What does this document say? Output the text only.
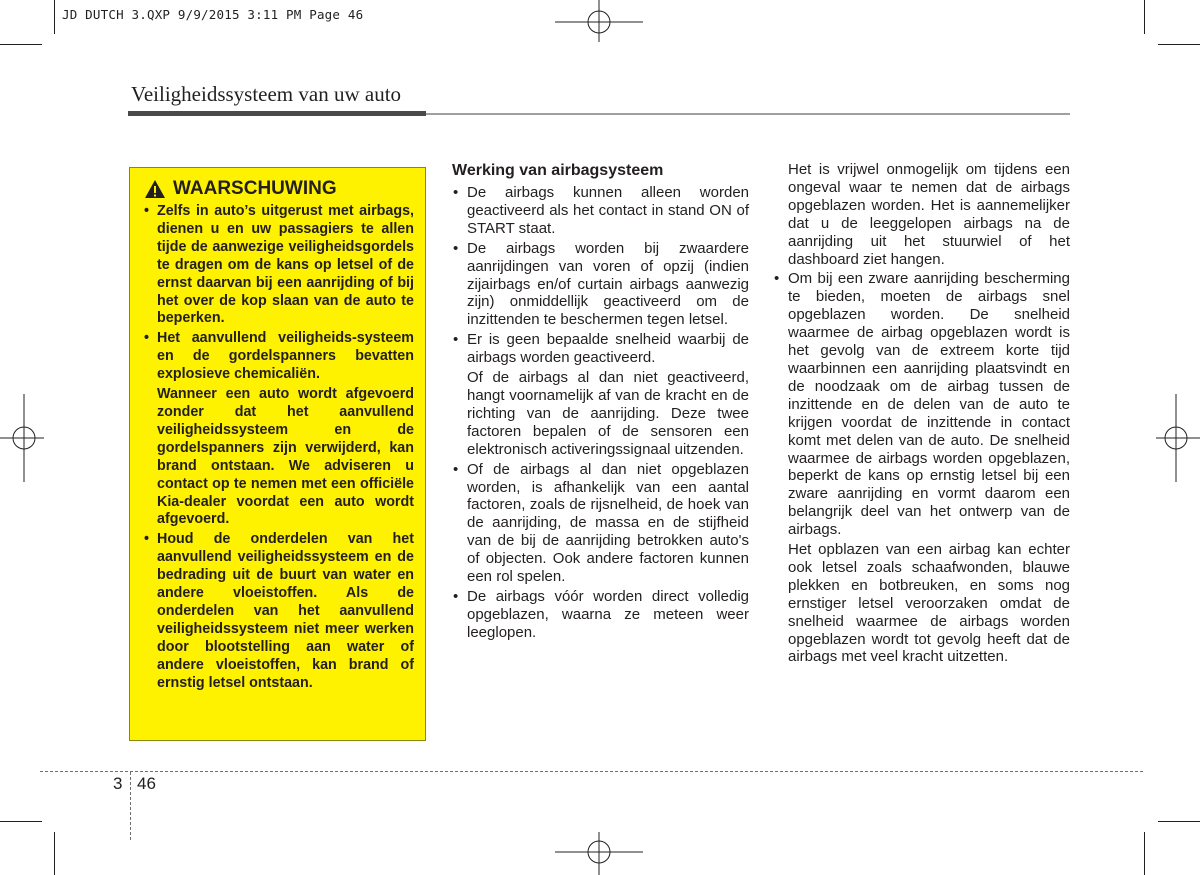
JD DUTCH 3.QXP 9/9/2015 3:11 PM Page 46
Veiligheidssysteem van uw auto
WAARSCHUWING
• Zelfs in auto’s uitgerust met airbags, dienen u en uw passagiers te allen tijde de aanwezige veiligheidsgordels te dragen om de kans op letsel of de ernst daarvan bij een aanrijding of bij het over de kop slaan van de auto te beperken.
• Het aanvullend veiligheids-systeem en de gordelspanners bevatten explosieve chemicaliën.

Wanneer een auto wordt afgevoerd zonder dat het aanvullend veiligheidssysteem en de gordelspanners zijn verwijderd, kan brand ontstaan. We adviseren u contact op te nemen met een officiële Kia-dealer voordat een auto wordt afgevoerd.

• Houd de onderdelen van het aanvullend veiligheidssysteem en de bedrading uit de buurt van water en andere vloeistoffen. Als de onderdelen van het aanvullend veiligheidssysteem niet meer werken door blootstelling aan water of andere vloeistoffen, kan brand of ernstig letsel ontstaan.
Werking van airbagsysteem
• De airbags kunnen alleen worden geactiveerd als het contact in stand ON of START staat.
• De airbags worden bij zwaardere aanrijdingen van voren of opzij (indien zijairbags en/of curtain airbags aanwezig zijn) onmiddellijk geactiveerd om de inzittenden te beschermen tegen letsel.
• Er is geen bepaalde snelheid waarbij de airbags worden geactiveerd.

Of de airbags al dan niet geactiveerd, hangt voornamelijk af van de kracht en de richting van de aanrijding. Deze twee factoren bepalen of de sensoren een elektronisch activeringssignaal uitzenden.

• Of de airbags al dan niet opgeblazen worden, is afhankelijk van een aantal factoren, zoals de rijsnelheid, de hoek van de aanrijding, de massa en de stijfheid van de bij de aanrijding betrokken auto's of objecten. Ook andere factoren kunnen een rol spelen.
• De airbags vóór worden direct volledig opgeblazen, waarna ze meteen weer leeglopen.

Het is vrijwel onmogelijk om tijdens een ongeval waar te nemen dat de airbags opgeblazen worden. Het is aannemelijker dat u de leeggelopen airbags na de aanrijding uit het stuurwiel of het dashboard ziet hangen.

• Om bij een zware aanrijding bescherming te bieden, moeten de airbags snel opgeblazen worden. De snelheid waarmee de airbag opgeblazen wordt is het gevolg van de extreem korte tijd waarbinnen een aanrijding plaatsvindt en de noodzaak om de airbag tussen de inzittende en de delen van de auto te krijgen voordat de inzittende in contact komt met delen van de auto. De snelheid waarmee de airbags worden opgeblazen, beperkt de kans op ernstig letsel bij een zware aanrijding en vormt daarom een belangrijk deel van het ontwerp van de airbags.

Het opblazen van een airbag kan echter ook letsel zoals schaafwonden, blauwe plekken en botbreuken, en soms nog ernstiger letsel veroorzaken omdat de snelheid waarmee de airbags worden opgeblazen wordt tot gevolg heeft dat de airbags met veel kracht uitzetten.

3 46
